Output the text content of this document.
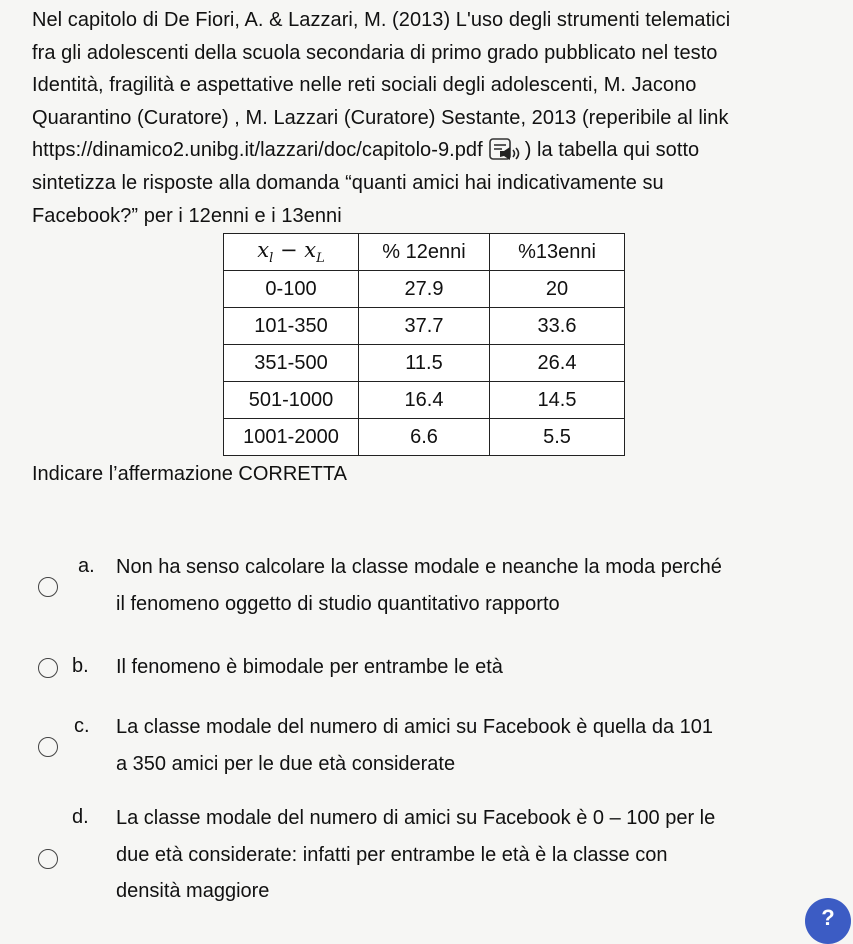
Nel capitolo di De Fiori, A. & Lazzari, M. (2013) L'uso degli strumenti telematici
fra gli adolescenti della scuola secondaria di primo grado pubblicato nel testo
Identità, fragilità e aspettative nelle reti sociali degli adolescenti, M. Jacono
Quarantino (Curatore) , M. Lazzari (Curatore) Sestante, 2013 (reperibile al link
https://dinamico2.unibg.it/lazzari/doc/capitolo-9.pdf ) la tabella qui sotto
sintetizza le risposte alla domanda “quanti amici hai indicativamente su
Facebook?” per i 12enni e i 13enni
$x_l - x_L$	% 12enni	%13enni
0-100	27.9	20
101-350	37.7	33.6
351-500	11.5	26.4
501-1000	16.4	14.5
1001-2000	6.6	5.5
Indicare l’affermazione CORRETTA
a. Non ha senso calcolare la classe modale e neanche la moda perché
il fenomeno oggetto di studio quantitativo rapporto
b. Il fenomeno è bimodale per entrambe le età
c. La classe modale del numero di amici su Facebook è quella da 101
a 350 amici per le due età considerate
d. La classe modale del numero di amici su Facebook è 0 – 100 per le
due età considerate: infatti per entrambe le età è la classe con
densità maggiore
?
